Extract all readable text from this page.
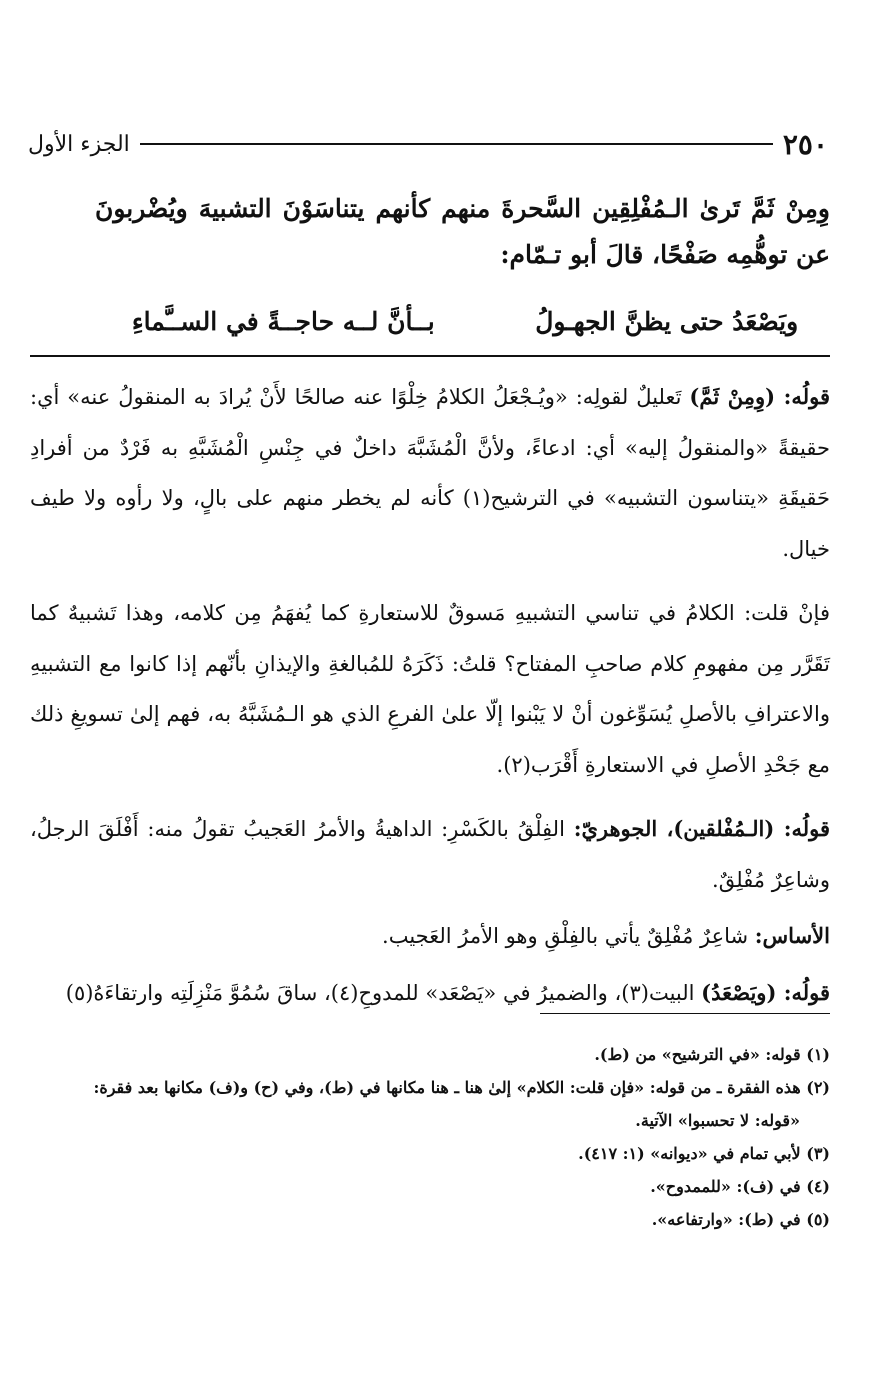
٢٥٠
الجزء الأول

وِمِنْ ثَمَّ تَرىٰ الـمُفْلِقِين السَّحرةَ منهم كأنهم يتناسَوْنَ التشبيهَ ويُضْربونَ عن توهُّمِه صَفْحًا، قالَ أبو تـمّام:

ويَصْعَدُ حتى يظنَّ الجهـولُ
بــأنَّ لــه حاجــةً في الســَّماءِ

قولُه: (وِمِنْ ثَمَّ) تَعليلٌ لقولِه: «ويُـجْعَلُ الكلامُ خِلْوًا عنه صالحًا لأَنْ يُرادَ به المنقولُ عنه» أي: حقيقةً «والمنقولُ إليه» أي: ادعاءً، ولأنَّ الْمُشَبَّهَ داخلٌ في جِنْسِ الْمُشَبَّهِ به فَرْدٌ من أفرادِ حَقيقَةِ «يتناسون التشبيه» في الترشيح(١) كأنه لم يخطر منهم على بالٍ، ولا رأوه ولا طيف خيال.

فإنْ قلت: الكلامُ في تناسي التشبيهِ مَسوقٌ للاستعارةِ كما يُفهَمُ مِن كلامه، وهذا تَشبيهٌ كما تَقَرَّر مِن مفهومِ كلام صاحبِ المفتاح؟ قلتُ: ذَكَرَهُ للمُبالغةِ والإيذانِ بأنّهم إذا كانوا مع التشبيهِ والاعترافِ بالأصلِ يُسَوِّغون أنْ لا يَبْنوا إلّا علىٰ الفرعِ الذي هو الـمُشَبَّهُ به، فهم إلىٰ تسويغِ ذلك مع جَحْدِ الأصلِ في الاستعارةِ أَقْرَب(٢).

قولُه: (الـمُفْلقين)، الجوهريّ: الفِلْقُ بالكَسْرِ: الداهيةُ والأمرُ العَجيبُ تقولُ منه: أَفْلَقَ الرجلُ، وشاعِرٌ مُفْلِقٌ.

الأساس: شاعِرٌ مُفْلِقٌ يأتي بالفِلْقِ وهو الأمرُ العَجيب.

قولُه: (ويَصْعَدُ) البيت(٣)، والضميرُ في «يَصْعَد» للمدوحِ(٤)، ساقَ سُمُوَّ مَنْزِلَتِه وارتقاءَهُ(٥)

(١) قوله: «في الترشيح» من (ط).

(٢) هذه الفقرة ـ من قوله: «فإن قلت: الكلام» إلىٰ هنا ـ هنا مكانها في (ط)، وفي (ح) و(ف) مكانها بعد فقرة:

«قوله: لا تحسبوا» الآتية.

(٣) لأبي تمام في «ديوانه» (١: ٤١٧).

(٤) في (ف): «للممدوح».

(٥) في (ط): «وارتفاعه».
